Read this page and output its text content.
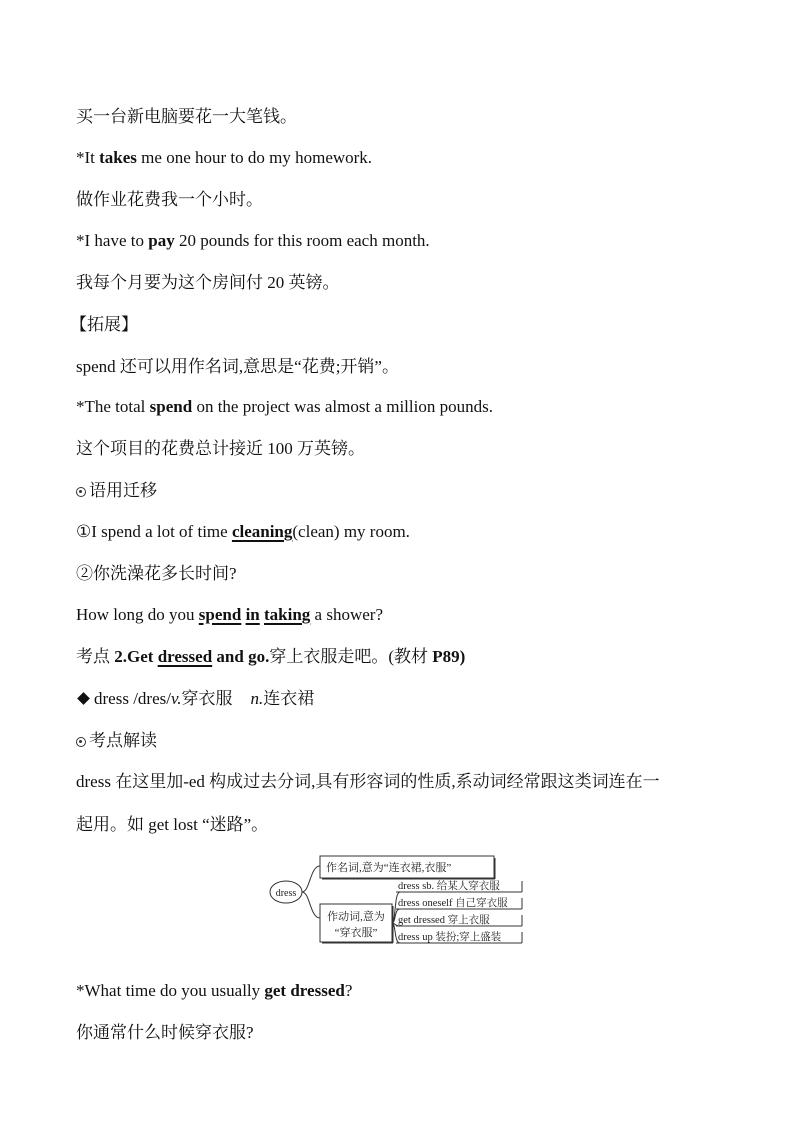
买一台新电脑要花一大笔钱。
*It takes me one hour to do my homework.
做作业花费我一个小时。
*I have to pay 20 pounds for this room each month.
我每个月要为这个房间付 20 英镑。
【拓展】
spend 还可以用作名词,意思是“花费;开销”。
*The total spend on the project was almost a million pounds.
这个项目的花费总计接近 100 万英镑。
语用迁移
①I spend a lot of time cleaning(clean) my room.
②你洗澡花多长时间?
How long do you spend in taking a shower?
考点 2.Get dressed and go.穿上衣服走吧。(教材 P89)
dress /dres/v.穿衣服 n.连衣裙
考点解读
dress 在这里加-ed 构成过去分词,具有形容词的性质,系动词经常跟这类词连在一
起用。如 get lost “迷路”。
dress
作名词,意为“连衣裙,衣服”
作动词,意为
“穿衣服”
dress sb. 给某人穿衣服
dress oneself 自己穿衣服
get dressed 穿上衣服
dress up 装扮;穿上盛装
*What time do you usually get dressed?
你通常什么时候穿衣服?
